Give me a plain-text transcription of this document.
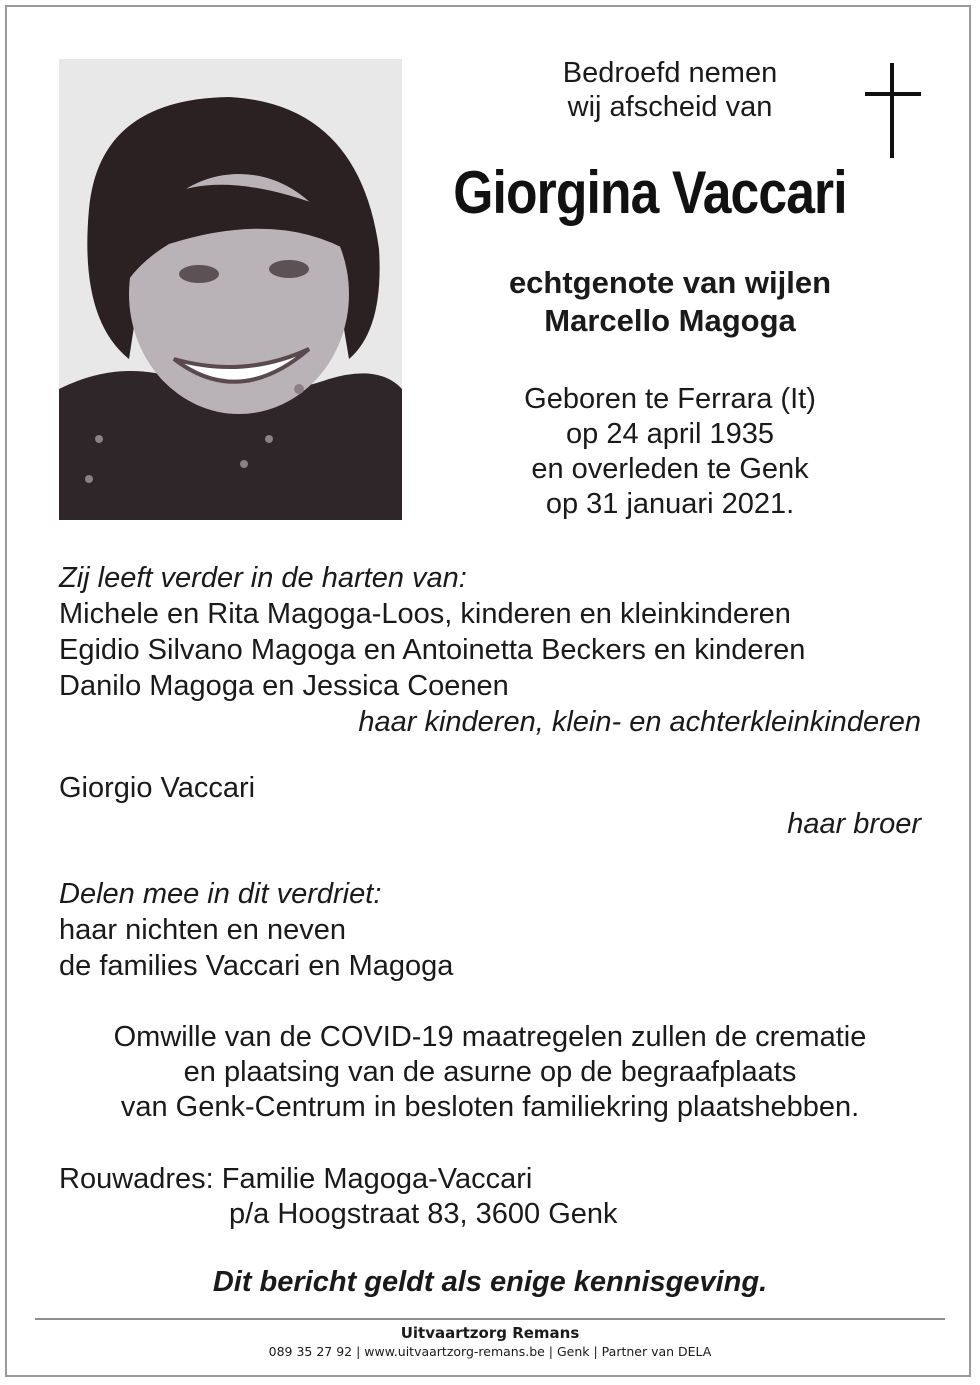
Bedroefd nemen
wij afscheid van
Giorgina Vaccari
echtgenote van wijlen
Marcello Magoga
Geboren te Ferrara (It)
op 24 april 1935
en overleden te Genk
op 31 januari 2021.
Zij leeft verder in de harten van:
Michele en Rita Magoga-Loos, kinderen en kleinkinderen
Egidio Silvano Magoga en Antoinetta Beckers en kinderen
Danilo Magoga en Jessica Coenen
haar kinderen, klein- en achterkleinkinderen
Giorgio Vaccari
haar broer
Delen mee in dit verdriet:
haar nichten en neven
de families Vaccari en Magoga
Omwille van de COVID-19 maatregelen zullen de crematie
en plaatsing van de asurne op de begraafplaats
van Genk-Centrum in besloten familiekring plaatshebben.
Rouwadres: Familie Magoga-Vaccari
p/a Hoogstraat 83, 3600 Genk
Dit bericht geldt als enige kennisgeving.
Uitvaartzorg Remans
089 35 27 92 | www.uitvaartzorg-remans.be | Genk | Partner van DELA
